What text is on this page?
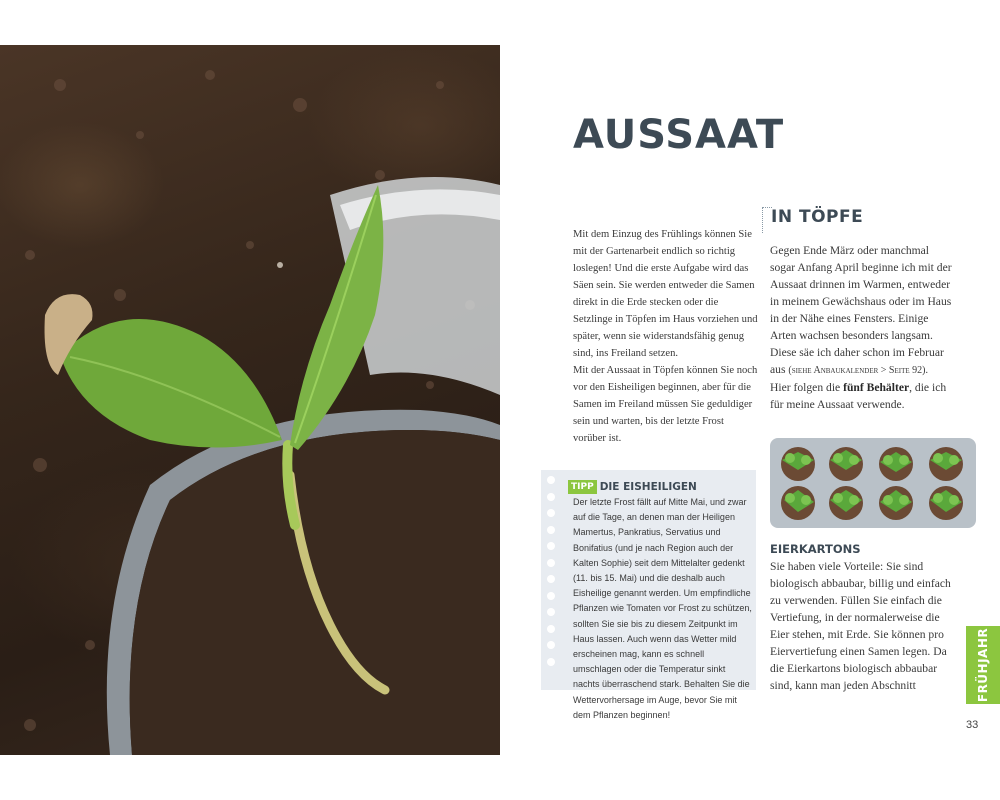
AUSSAAT

Mit dem Einzug des Frühlings können Sie mit der Gartenarbeit endlich so richtig loslegen! Und die erste Aufgabe wird das Säen sein. Sie werden entweder die Samen direkt in die Erde stecken oder die Setzlinge in Töpfen im Haus vorziehen und später, wenn sie widerstandsfähig genug sind, ins Freiland setzen.

Mit der Aussaat in Töpfen können Sie noch vor den Eisheiligen beginnen, aber für die Samen im Freiland müssen Sie geduldiger sein und warten, bis der letzte Frost vorüber ist.

TIPP DIE EISHEILIGEN

Der letzte Frost fällt auf Mitte Mai, und zwar auf die Tage, an denen man der Heiligen Mamertus, Pankratius, Servatius und Bonifatius (und je nach Region auch der Kalten Sophie) seit dem Mittelalter gedenkt (11. bis 15. Mai) und die deshalb auch Eisheilige genannt werden. Um empfindliche Pflanzen wie Tomaten vor Frost zu schützen, sollten Sie sie bis zu diesem Zeitpunkt im Haus lassen. Auch wenn das Wetter mild erscheinen mag, kann es schnell umschlagen oder die Temperatur sinkt nachts überraschend stark. Behalten Sie die Wettervorhersage im Auge, bevor Sie mit dem Pflanzen beginnen!

IN TÖPFE

Gegen Ende März oder manchmal sogar Anfang April beginne ich mit der Aussaat drinnen im Warmen, entweder in meinem Gewächshaus oder im Haus in der Nähe eines Fensters. Einige Arten wachsen besonders langsam. Diese säe ich daher schon im Februar aus (siehe Anbaukalender > Seite 92).
Hier folgen die fünf Behälter, die ich für meine Aussaat verwende.

EIERKARTONS

Sie haben viele Vorteile: Sie sind biologisch abbaubar, billig und einfach zu verwenden. Füllen Sie einfach die Vertiefung, in der normalerweise die Eier stehen, mit Erde. Sie können pro Eiervertiefung einen Samen legen. Da die Eierkartons biologisch abbaubar sind, kann man jeden Abschnitt	FRÜHJAHR
33
